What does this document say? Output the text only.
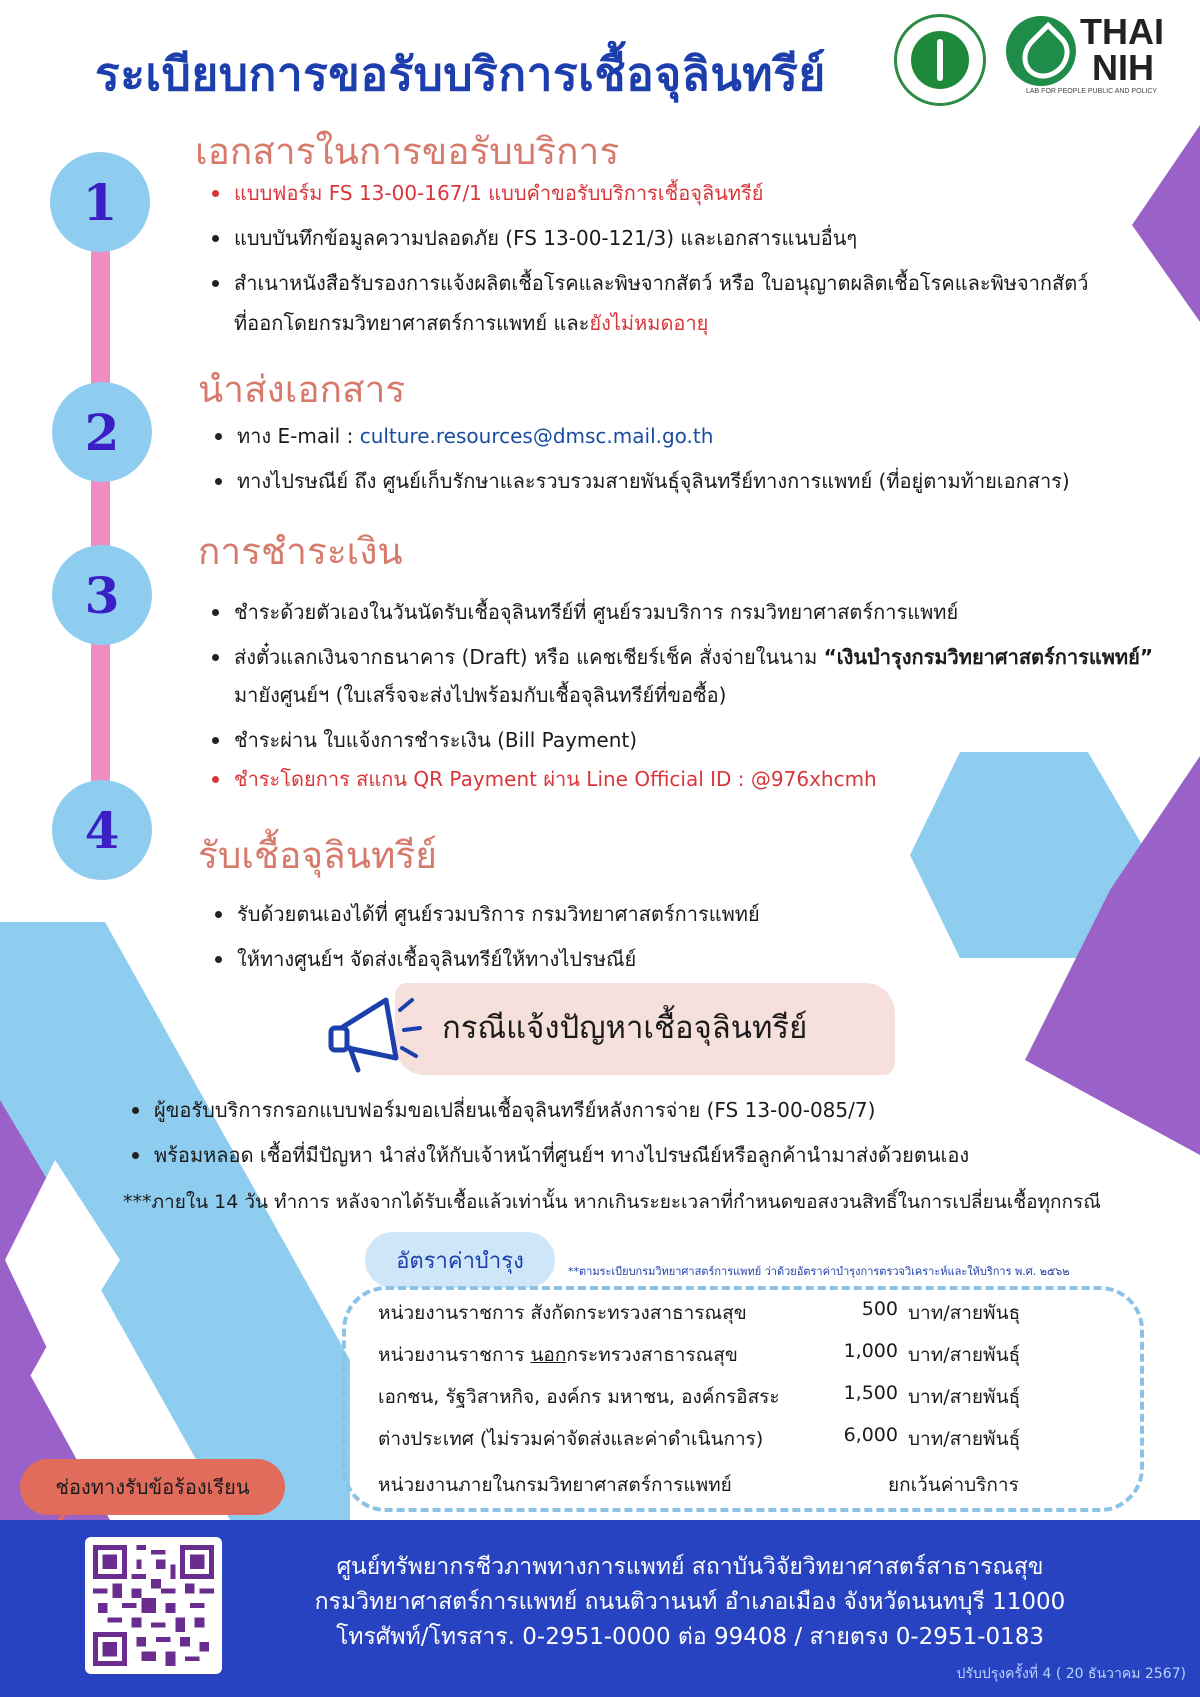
ระเบียบการขอรับบริการเชื้อจุลินทรีย์
THAI
NIH
LAB FOR PEOPLE PUBLIC AND POLICY
1
2
3
4
เอกสารในการขอรับบริการ
แบบฟอร์ม FS 13-00-167/1 แบบคำขอรับบริการเชื้อจุลินทรีย์
แบบบันทึกข้อมูลความปลอดภัย (FS 13-00-121/3) และเอกสารแนบอื่นๆ
สำเนาหนังสือรับรองการแจ้งผลิตเชื้อโรคและพิษจากสัตว์ หรือ ใบอนุญาตผลิตเชื้อโรคและพิษจากสัตว์
ที่ออกโดยกรมวิทยาศาสตร์การแพทย์ และยังไม่หมดอายุ
นำส่งเอกสาร
ทาง E-mail : culture.resources@dmsc.mail.go.th
ทางไปรษณีย์ ถึง ศูนย์เก็บรักษาและรวบรวมสายพันธุ์จุลินทรีย์ทางการแพทย์ (ที่อยู่ตามท้ายเอกสาร)
การชำระเงิน
ชำระด้วยตัวเองในวันนัดรับเชื้อจุลินทรีย์ที่ ศูนย์รวมบริการ กรมวิทยาศาสตร์การแพทย์
ส่งตั๋วแลกเงินจากธนาคาร (Draft) หรือ แคชเชียร์เช็ค สั่งจ่ายในนาม “เงินบำรุงกรมวิทยาศาสตร์การแพทย์”
มายังศูนย์ฯ (ใบเสร็จจะส่งไปพร้อมกับเชื้อจุลินทรีย์ที่ขอซื้อ)
ชำระผ่าน ใบแจ้งการชำระเงิน (Bill Payment)
ชำระโดยการ สแกน QR Payment ผ่าน Line Official ID : @976xhcmh
รับเชื้อจุลินทรีย์
รับด้วยตนเองได้ที่ ศูนย์รวมบริการ กรมวิทยาศาสตร์การแพทย์
ให้ทางศูนย์ฯ จัดส่งเชื้อจุลินทรีย์ให้ทางไปรษณีย์
กรณีแจ้งปัญหาเชื้อจุลินทรีย์
ผู้ขอรับบริการกรอกแบบฟอร์มขอเปลี่ยนเชื้อจุลินทรีย์หลังการจ่าย (FS 13-00-085/7)
พร้อมหลอด เชื้อที่มีปัญหา นำส่งให้กับเจ้าหน้าที่ศูนย์ฯ ทางไปรษณีย์หรือลูกค้านำมาส่งด้วยตนเอง
***ภายใน 14 วัน ทำการ หลังจากได้รับเชื้อแล้วเท่านั้น หากเกินระยะเวลาที่กำหนดขอสงวนสิทธิ์ในการเปลี่ยนเชื้อทุกกรณี
อัตราค่าบำรุง	**ตามระเบียบกรมวิทยาศาสตร์การแพทย์ ว่าด้วยอัตราค่าบำรุงการตรวจวิเคราะห์และให้บริการ พ.ศ. ๒๕๖๒
หน่วยงานราชการ สังกัดกระทรวงสาธารณสุข	500 บาท/สายพันธุ
หน่วยงานราชการ นอกกระทรวงสาธารณสุข	1,000 บาท/สายพันธุ์
เอกชน, รัฐวิสาหกิจ, องค์กร มหาชน, องค์กรอิสระ	1,500 บาท/สายพันธุ์
ต่างประเทศ (ไม่รวมค่าจัดส่งและค่าดำเนินการ)	6,000 บาท/สายพันธุ์
หน่วยงานภายในกรมวิทยาศาสตร์การแพทย์	ยกเว้นค่าบริการ
ช่องทางรับข้อร้องเรียน
ศูนย์ทรัพยากรชีวภาพทางการแพทย์ สถาบันวิจัยวิทยาศาสตร์สาธารณสุข
กรมวิทยาศาสตร์การแพทย์ ถนนติวานนท์ อำเภอเมือง จังหวัดนนทบุรี 11000
โทรศัพท์/โทรสาร. 0-2951-0000 ต่อ 99408 / สายตรง 0-2951-0183
ปรับปรุงครั้งที่ 4 ( 20 ธันวาคม 2567)
